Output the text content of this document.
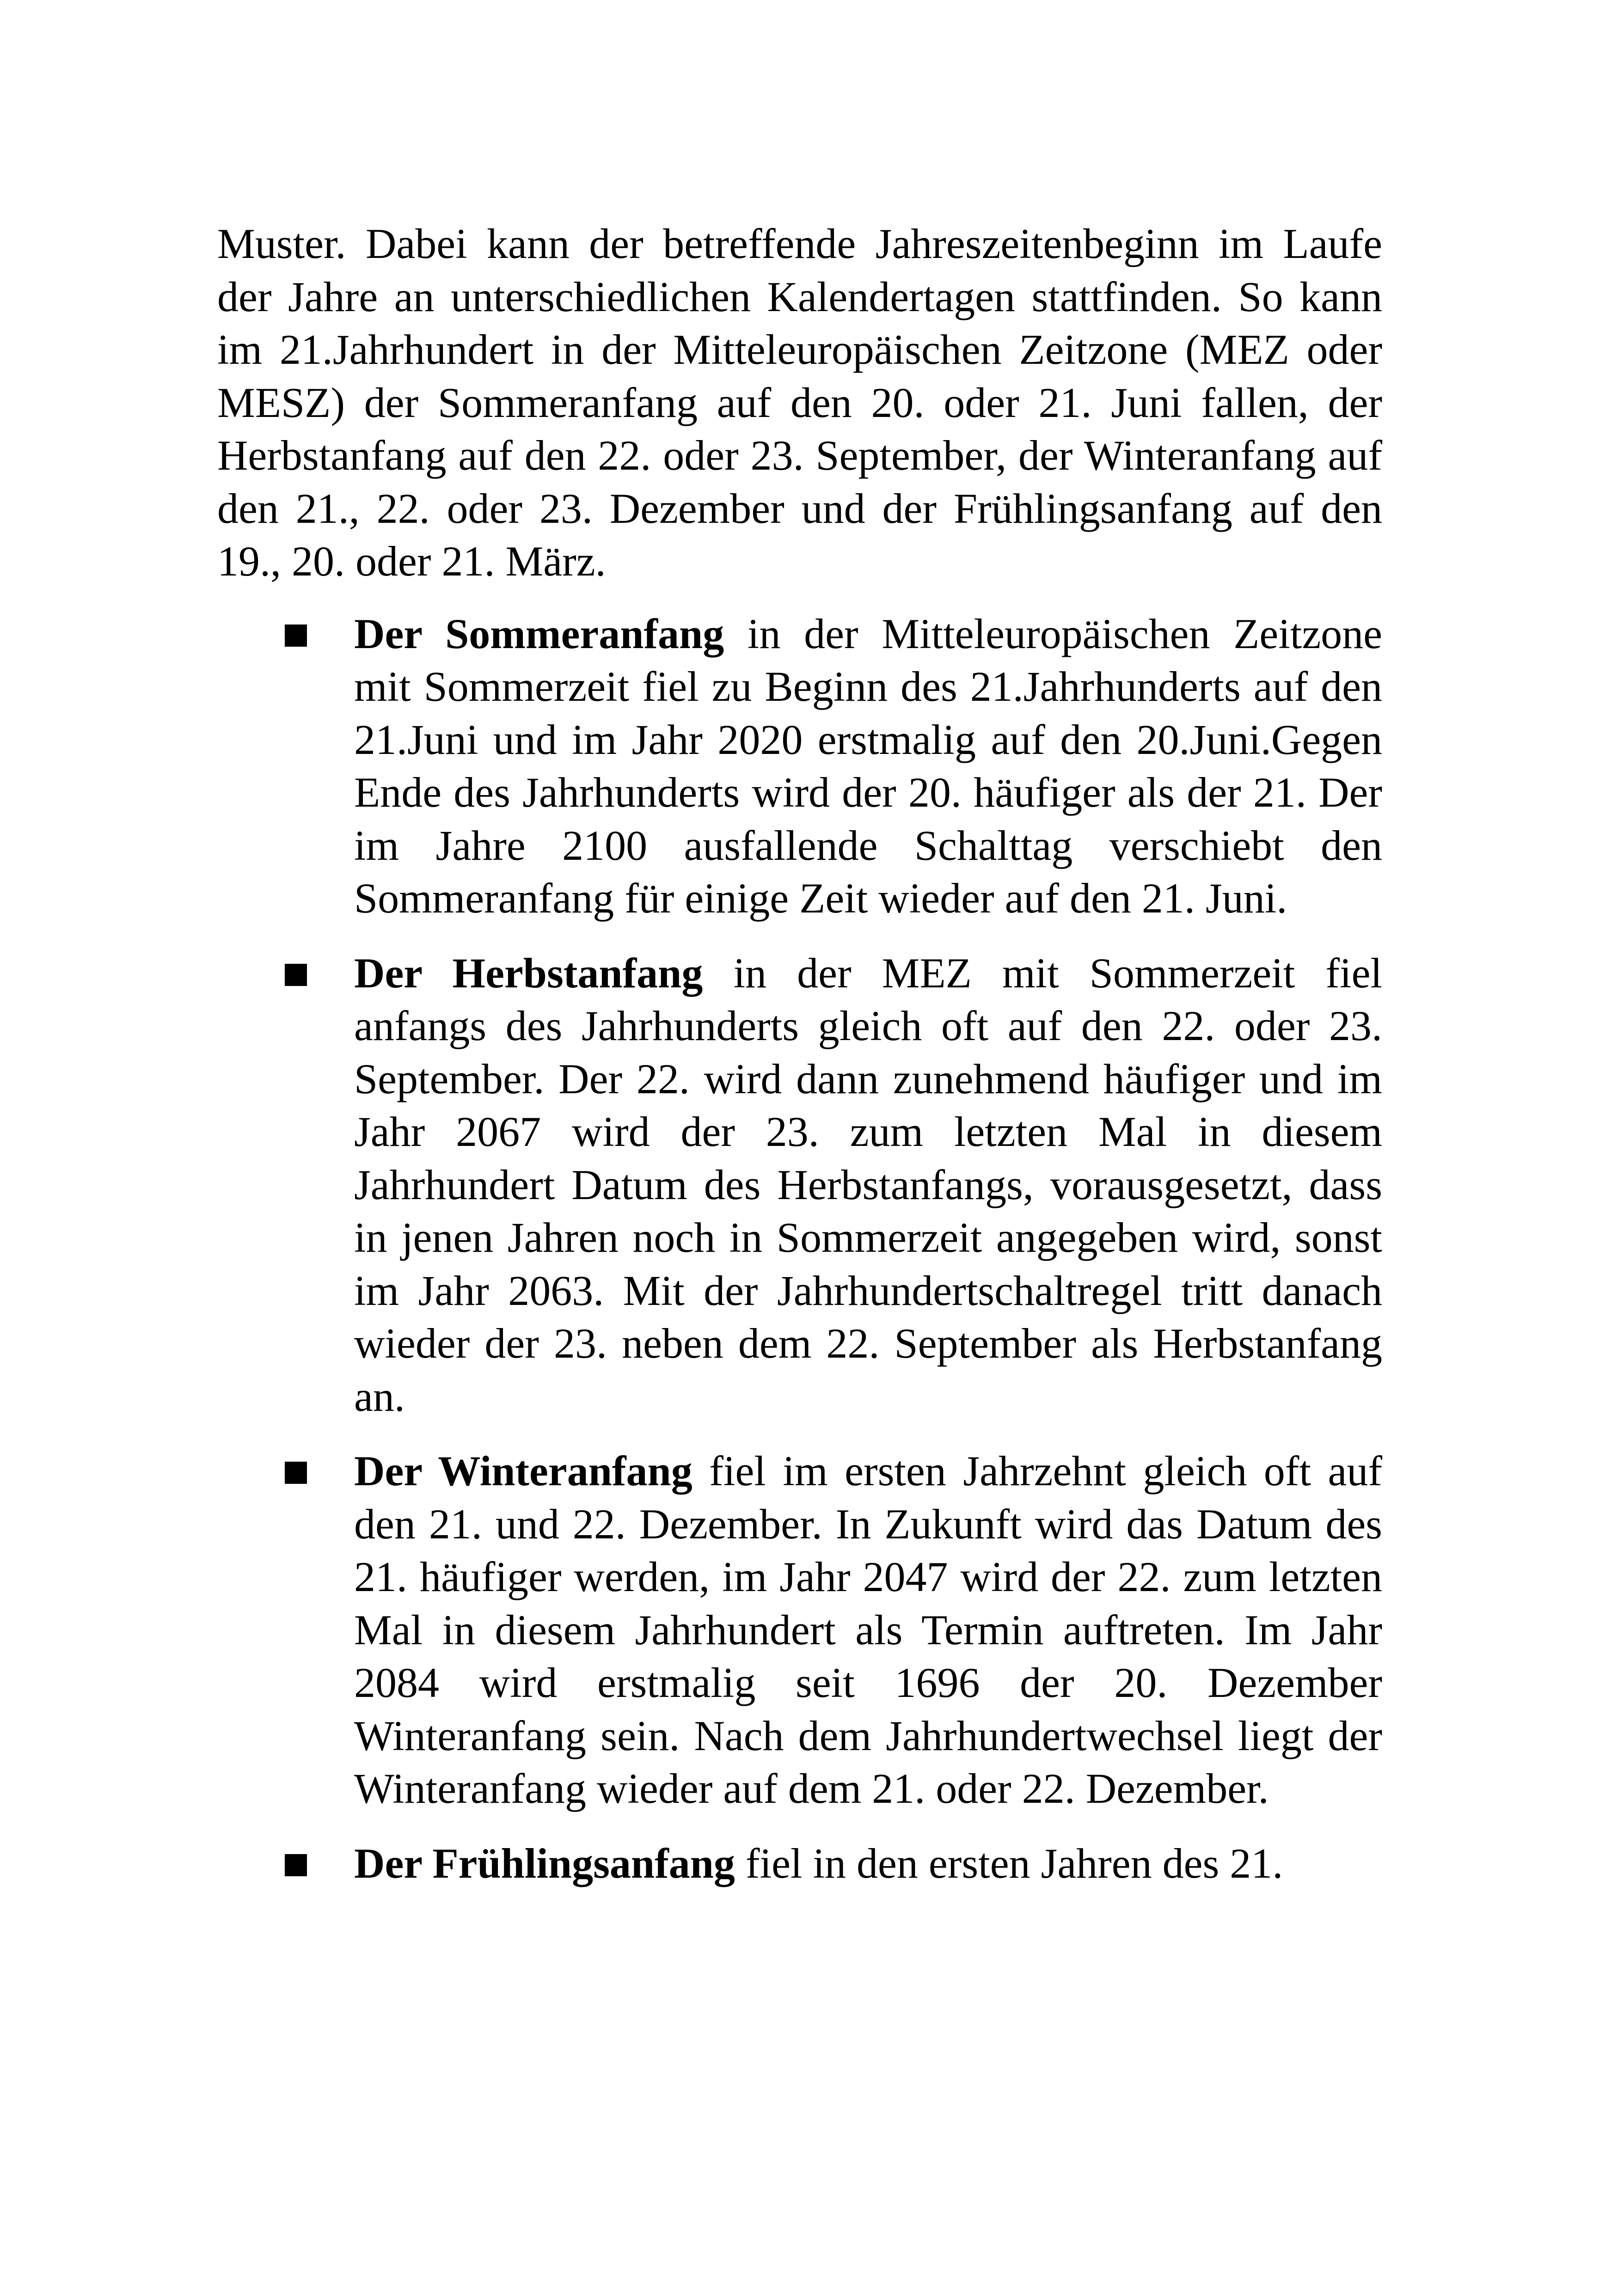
Muster. Dabei kann der betreffende Jahreszeitenbeginn im Laufe der Jahre an unterschiedlichen Kalendertagen stattfinden. So kann im 21.Jahrhundert in der Mitteleuropäischen Zeitzone (MEZ oder MESZ) der Sommeranfang auf den 20. oder 21. Juni fallen, der Herbstanfang auf den 22. oder 23. September, der Winteranfang auf den 21., 22. oder 23. Dezember und der Frühlingsanfang auf den 19., 20. oder 21. März.

Der Sommeranfang in der Mitteleuropäischen Zeitzone mit Sommerzeit fiel zu Beginn des 21.Jahrhunderts auf den 21.Juni und im Jahr 2020 erstmalig auf den 20.Juni.Gegen Ende des Jahrhunderts wird der 20. häufiger als der 21. Der im Jahre 2100 ausfallende Schalttag verschiebt den Sommeranfang für einige Zeit wieder auf den 21. Juni.
Der Herbstanfang in der MEZ mit Sommerzeit fiel anfangs des Jahrhunderts gleich oft auf den 22. oder 23. September. Der 22. wird dann zunehmend häufiger und im Jahr 2067 wird der 23. zum letzten Mal in diesem Jahrhundert Datum des Herbstanfangs, vorausgesetzt, dass in jenen Jahren noch in Sommerzeit angegeben wird, sonst im Jahr 2063. Mit der Jahrhundertschaltregel tritt danach wieder der 23. neben dem 22. September als Herbstanfang an.
Der Winteranfang fiel im ersten Jahrzehnt gleich oft auf den 21. und 22. Dezember. In Zukunft wird das Datum des 21. häufiger werden, im Jahr 2047 wird der 22. zum letzten Mal in diesem Jahrhundert als Termin auftreten. Im Jahr 2084 wird erstmalig seit 1696 der 20. Dezember Winteranfang sein. Nach dem Jahrhundertwechsel liegt der Winteranfang wieder auf dem 21. oder 22. Dezember.
Der Frühlingsanfang fiel in den ersten Jahren des 21.
